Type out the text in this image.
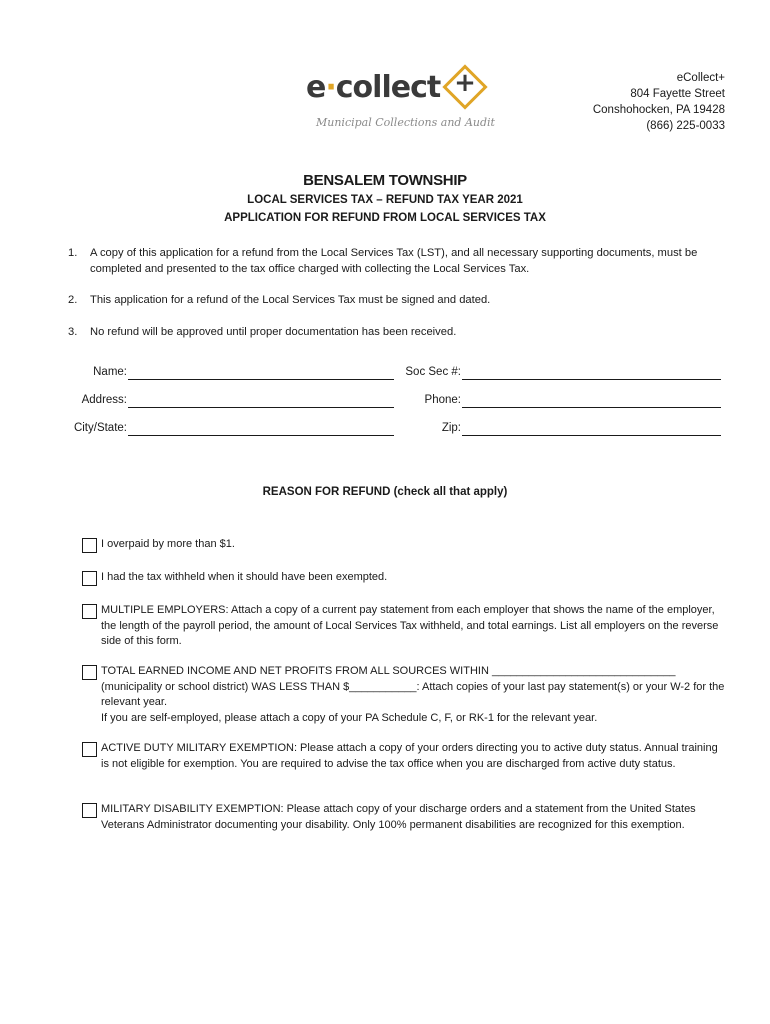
e·collect +
Municipal Collections and Audit
eCollect+
804 Fayette Street
Conshohocken, PA 19428
(866) 225-0033
BENSALEM TOWNSHIP
LOCAL SERVICES TAX – REFUND TAX YEAR 2021
APPLICATION FOR REFUND FROM LOCAL SERVICES TAX
1. A copy of this application for a refund from the Local Services Tax (LST), and all necessary supporting documents, must be completed and presented to the tax office charged with collecting the Local Services Tax.
2. This application for a refund of the Local Services Tax must be signed and dated.
3. No refund will be approved until proper documentation has been received.
Name:	Soc Sec #:
Address:	Phone:
City/State:	Zip:
REASON FOR REFUND (check all that apply)
I overpaid by more than $1.
I had the tax withheld when it should have been exempted.
MULTIPLE EMPLOYERS: Attach a copy of a current pay statement from each employer that shows the name of the employer, the length of the payroll period, the amount of Local Services Tax withheld, and total earnings. List all employers on the reverse side of this form.
TOTAL EARNED INCOME AND NET PROFITS FROM ALL SOURCES WITHIN ______________________________ (municipality or school district) WAS LESS THAN $___________: Attach copies of your last pay statement(s) or your W-2 for the relevant year.
If you are self-employed, please attach a copy of your PA Schedule C, F, or RK-1 for the relevant year.
ACTIVE DUTY MILITARY EXEMPTION: Please attach a copy of your orders directing you to active duty status. Annual training is not eligible for exemption. You are required to advise the tax office when you are discharged from active duty status.
MILITARY DISABILITY EXEMPTION: Please attach copy of your discharge orders and a statement from the United States Veterans Administrator documenting your disability. Only 100% permanent disabilities are recognized for this exemption.
